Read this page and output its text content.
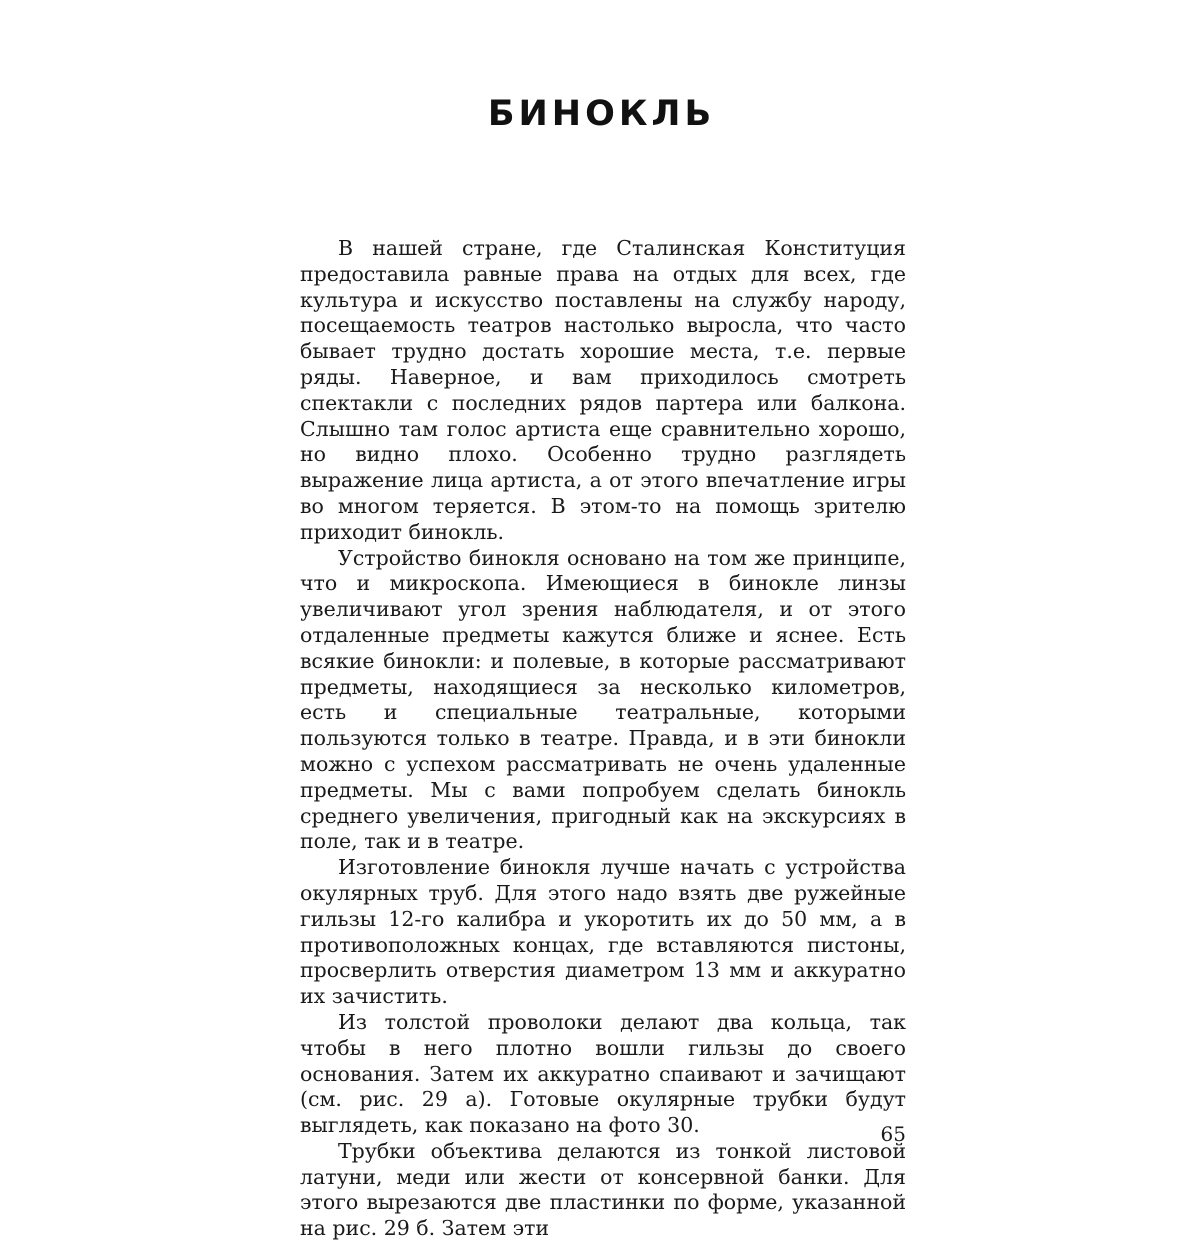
БИНОКЛЬ

В нашей стране, где Сталинская Конституция предоставила равные права на отдых для всех, где культура и искусство поставлены на службу народу, посещаемость театров настолько выросла, что часто бывает трудно достать хорошие места, т.е. первые ряды. Наверное, и вам приходилось смотреть спектакли с последних рядов партера или балкона. Слышно там голос артиста еще сравнительно хорошо, но видно плохо. Особенно трудно разглядеть выражение лица артиста, а от этого впечатление игры во многом теряется. В этом-то на помощь зрителю приходит бинокль.

Устройство бинокля основано на том же принципе, что и микроскопа. Имеющиеся в бинокле линзы увеличивают угол зрения наблюдателя, и от этого отдаленные предметы кажутся ближе и яснее. Есть всякие бинокли: и полевые, в которые рассматривают предметы, находящиеся за несколько километров, есть и специальные театральные, которыми пользуются только в театре. Правда, и в эти бинокли можно с успехом рассматривать не очень удаленные предметы. Мы с вами попробуем сделать бинокль среднего увеличения, пригодный как на экскурсиях в поле, так и в театре.

Изготовление бинокля лучше начать с устройства окулярных труб. Для этого надо взять две ружейные гильзы 12-го калибра и укоротить их до 50 мм, а в противоположных концах, где вставляются пистоны, просверлить отверстия диаметром 13 мм и аккуратно их зачистить.

Из толстой проволоки делают два кольца, так чтобы в него плотно вошли гильзы до своего основания. Затем их аккуратно спаивают и зачищают (см. рис. 29 а). Готовые окулярные трубки будут выглядеть, как показано на фото 30.

Трубки объектива делаются из тонкой листовой латуни, меди или жести от консервной банки. Для этого вырезаются две пластинки по форме, указанной на рис. 29 б. Затем эти

65
